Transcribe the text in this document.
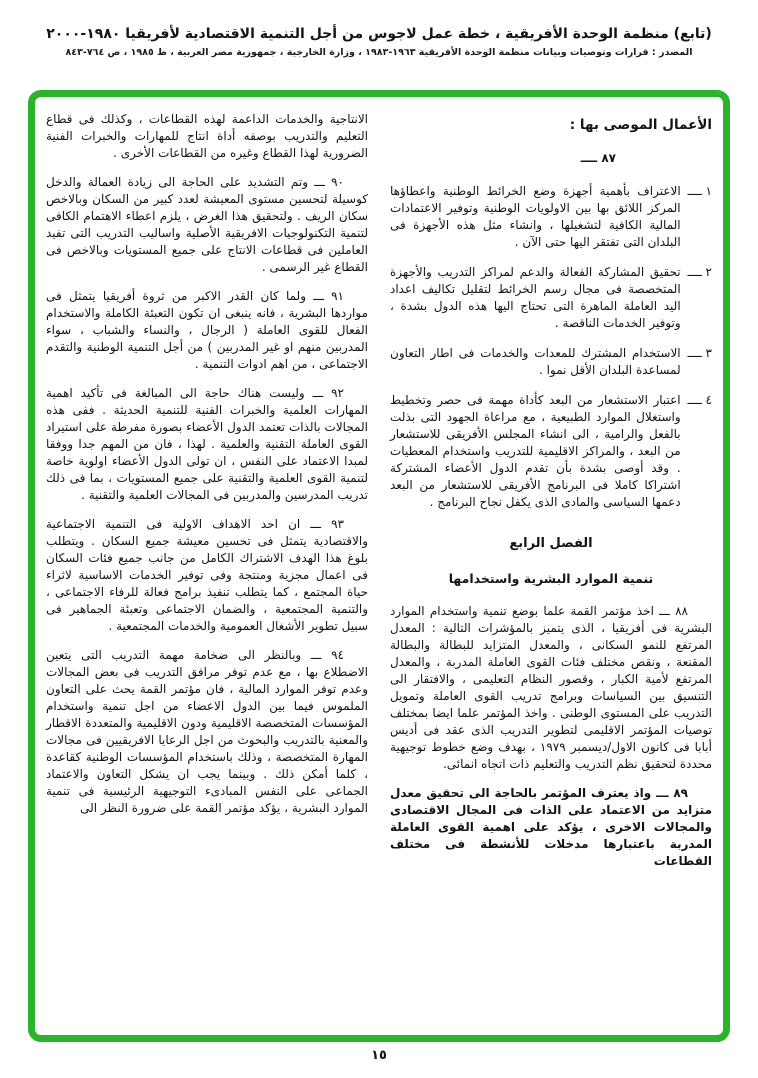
(تابع) منظمة الوحدة الأفريقية ، خطة عمل لاجوس من أجل التنمية الاقتصادية لأفريقيا ١٩٨٠-٢٠٠٠
المصدر : قرارات وتوصيات وبيانات منظمة الوحدة الأفريقية ١٩٦٣-١٩٨٣ ، وزارة الخارجية ، جمهورية مصر العربية ، ط ١٩٨٥ ، ص ٧٦٤-٨٤٣
الأعمال الموصى بها :
٨٧ ــــ
١ ــــ
الاعتراف بأهمية أجهزة وضع الخرائط الوطنية واعطاؤها المركز اللائق بها بين الاولويات الوطنية وتوفير الاعتمادات المالية الكافية لتشغيلها ، وانشاء مثل هذه الأجهزة فى البلدان التى تفتقر اليها حتى الآن .
٢ ــــ
تحقيق المشاركة الفعالة والدعم لمراكز التدريب والأجهزة المتخصصة فى مجال رسم الخرائط لتقليل تكاليف اعداد اليد العاملة الماهرة التى تحتاج اليها هذه الدول بشدة ، وتوفير الخدمات الناقصة .
٣ ــــ
الاستخدام المشترك للمعدات والخدمات فى اطار التعاون لمساعدة البلدان الأقل نموا .
٤ ــــ
اعتبار الاستشعار من البعد كأداة مهمة فى حصر وتخطيط واستغلال الموارد الطبيعية ، مع مراعاة الجهود التى بذلت بالفعل والرامية ، الى انشاء المجلس الأفريقى للاستشعار من البعد ، والمراكز الاقليمية للتدريب واستخدام المعطيات . وقد أوصى بشدة بأن تقدم الدول الأعضاء المشتركة اشتراكا كاملا فى البرنامج الأفريقى للاستشعار من البعد دعمها السياسى والمادى الذى يكفل نجاح البرنامج .
الفصل الرابع
تنمية الموارد البشرية واستخدامها

٨٨ ـــ اخذ مؤتمر القمة علما بوضع تنمية واستخدام الموارد البشرية فى أفريقيا ، الذى يتميز بالمؤشرات التالية : المعدل المرتفع للنمو السكانى ، والمعدل المتزايد للبطالة والبطالة المقنعة ، ونقص مختلف فئات القوى العاملة المدربة ، والمعدل المرتفع لأمية الكبار ، وقصور النظام التعليمى ، والافتقار الى التنسيق بين السياسات وبرامج تدريب القوى العاملة وتمويل التدريب على المستوى الوطنى . واخذ المؤتمر علما ايضا بمختلف توصيات المؤتمر الاقليمى لتطوير التدريب الذى عقد فى أديس أبابا فى كانون الاول/ديسمبر ١٩٧٩ ، بهدف وضع خطوط توجيهية محددة لتحقيق نظم التدريب والتعليم ذات اتجاه انمائى.

٨٩ ـــ واذ يعترف المؤتمر بالحاجة الى تحقيق معدل متزايد من الاعتماد على الذات فى المجال الاقتصادى والمجالات الاخرى ، يؤكد على اهمية القوى العاملة المدربة باعتبارها مدخلات للأنشطة فى مختلف القطاعات

الانتاجية والخدمات الداعمة لهذه القطاعات ، وكذلك فى قطاع التعليم والتدريب بوصفه أداة انتاج للمهارات والخبرات الفنية الضرورية لهذا القطاع وغيره من القطاعات الأخرى .

٩٠ ـــ وتم التشديد على الحاجة الى زيادة العمالة والدخل كوسيلة لتحسين مستوى المعيشة لعدد كبير من السكان وبالاخص سكان الريف . ولتحقيق هذا الغرض ، يلزم اعطاء الاهتمام الكافى لتنمية التكنولوجيات الافريقية الأصلية واساليب التدريب التى تفيد العاملين فى قطاعات الانتاج على جميع المستويات وبالاخص فى القطاع غير الرسمى .

٩١ ـــ ولما كان القدر الاكبر من ثروة أفريقيا يتمثل فى مواردها البشرية ، فانه ينبغى ان تكون التعبئة الكاملة والاستخدام الفعال للقوى العاملة ( الرجال ، والنساء والشباب ، سواء المدربين منهم او غير المدربين ) من أجل التنمية الوطنية والتقدم الاجتماعى ، من اهم ادوات التنمية .

٩٢ ـــ وليست هناك حاجة الى المبالغة فى تأكيد اهمية المهارات العلمية والخبرات الفنية للتنمية الحديثة . ففى هذه المجالات بالذات تعتمد الدول الأعضاء بصورة مفرطة على استيراد القوى العاملة التقنية والعلمية . لهذا ، فان من المهم جدا ووفقا لمبدا الاعتماد على النفس ، ان تولى الدول الأعضاء اولوية خاصة لتنمية القوى العلمية والتقنية على جميع المستويات ، بما فى ذلك تدريب المدرسين والمدربين فى المجالات العلمية والتقنية .

٩٣ ـــ ان احد الاهداف الاولية فى التنمية الاجتماعية والاقتصادية يتمثل فى تحسين معيشة جميع السكان . ويتطلب بلوغ هذا الهدف الاشتراك الكامل من جانب جميع فئات السكان فى اعمال مجزية ومنتجة وفى توفير الخدمات الاساسية لاثراء حياة المجتمع ، كما يتطلب تنفيذ برامج فعالة للرفاء الاجتماعى ، والتنمية المجتمعية ، والضمان الاجتماعى وتعبئة الجماهير فى سبيل تطوير الأشغال العمومية والخدمات المجتمعية .

٩٤ ـــ وبالنظر الى ضخامة مهمة التدريب التى يتعين الاضطلاع بها ، مع عدم توفر مرافق التدريب فى بعض المجالات وعدم توفر الموارد المالية ، فان مؤتمر القمة يحث على التعاون الملموس فيما بين الدول الاعضاء من اجل تنمية واستخدام المؤسسات المتخصصة الاقليمية ودون الاقليمية والمتعددة الاقطار والمعنية بالتدريب والبحوث من اجل الرعايا الافريقيين فى مجالات المهارة المتخصصة ، وذلك باستخدام المؤسسات الوطنية كقاعدة ، كلما أمكن ذلك . وبينما يجب ان يشكل التعاون والاعتماد الجماعى على النفس المبادىء التوجيهية الرئيسية فى تنمية الموارد البشرية ، يؤكد مؤتمر القمة على ضرورة النظر الى

١٥
